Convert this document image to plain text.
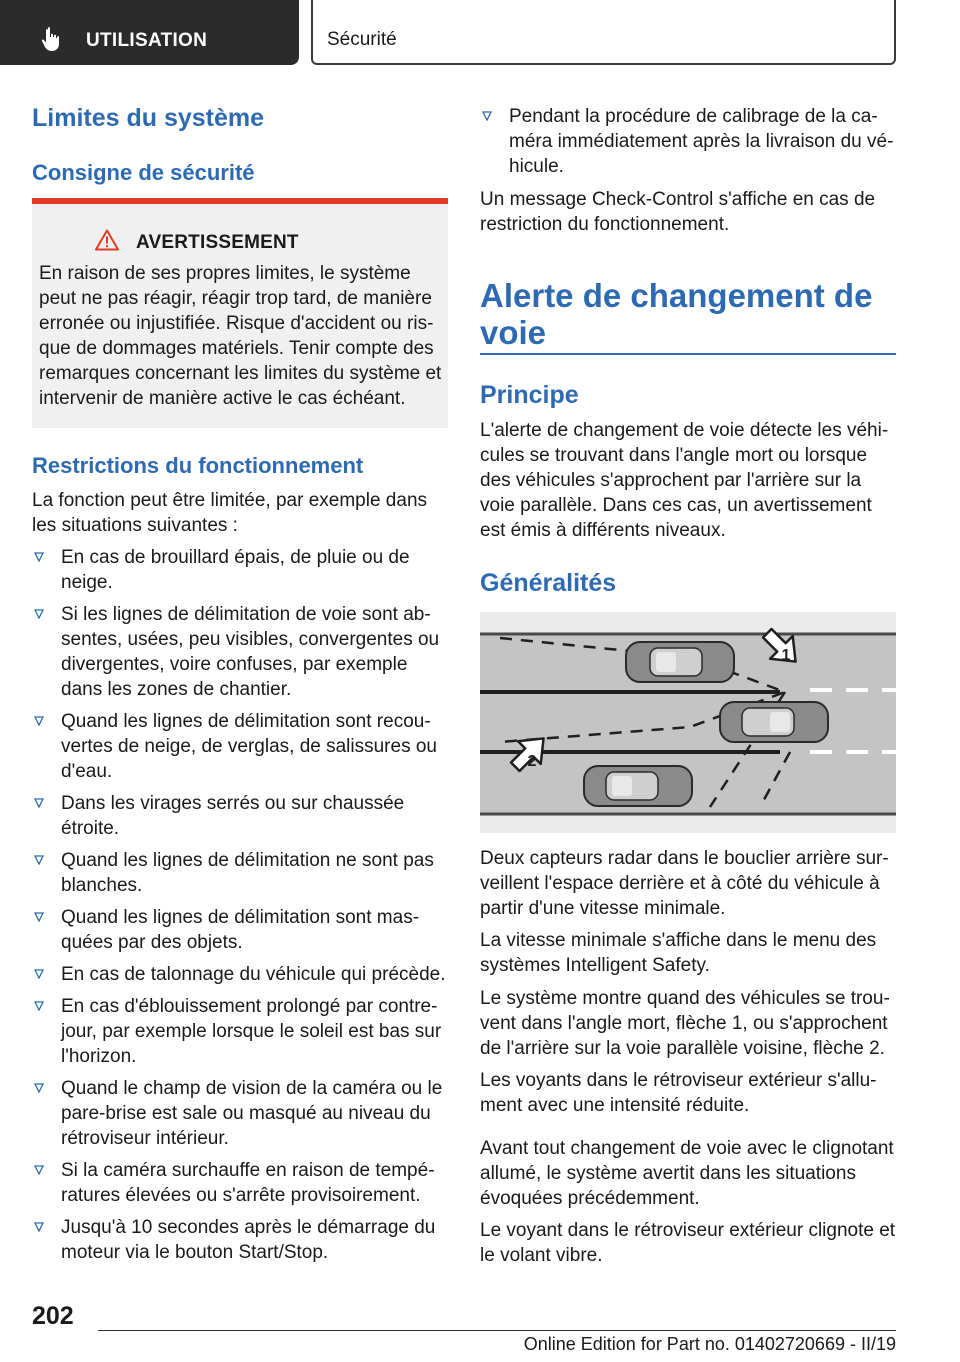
UTILISATION	Sécurité
Limites du système
Consigne de sécurité
AVERTISSEMENT
En raison de ses propres limites, le système peut ne pas réagir, réagir trop tard, de manière erronée ou injustifiée. Risque d'accident ou risque de dommages matériels. Tenir compte des remarques concernant les limites du système et intervenir de manière active le cas échéant.
Restrictions du fonctionnement
La fonction peut être limitée, par exemple dans les situations suivantes :
En cas de brouillard épais, de pluie ou de neige.
Si les lignes de délimitation de voie sont absentes, usées, peu visibles, convergentes ou divergentes, voire confuses, par exemple dans les zones de chantier.
Quand les lignes de délimitation sont recouvertes de neige, de verglas, de salissures ou d'eau.
Dans les virages serrés ou sur chaussée étroite.
Quand les lignes de délimitation ne sont pas blanches.
Quand les lignes de délimitation sont masquées par des objets.
En cas de talonnage du véhicule qui précède.
En cas d'éblouissement prolongé par contre-jour, par exemple lorsque le soleil est bas sur l'horizon.
Quand le champ de vision de la caméra ou le pare-brise est sale ou masqué au niveau du rétroviseur intérieur.
Si la caméra surchauffe en raison de températures élevées ou s'arrête provisoirement.
Jusqu'à 10 secondes après le démarrage du moteur via le bouton Start/Stop.
Pendant la procédure de calibrage de la caméra immédiatement après la livraison du véhicule.
Un message Check-Control s'affiche en cas de restriction du fonctionnement.
Alerte de changement de voie
Principe
L'alerte de changement de voie détecte les véhicules se trouvant dans l'angle mort ou lorsque des véhicules s'approchent par l'arrière sur la voie parallèle. Dans ces cas, un avertissement est émis à différents niveaux.
Généralités
1
2
Deux capteurs radar dans le bouclier arrière surveillent l'espace derrière et à côté du véhicule à partir d'une vitesse minimale.
La vitesse minimale s'affiche dans le menu des systèmes Intelligent Safety.
Le système montre quand des véhicules se trouvent dans l'angle mort, flèche 1, ou s'approchent de l'arrière sur la voie parallèle voisine, flèche 2.
Les voyants dans le rétroviseur extérieur s'allument avec une intensité réduite.
Avant tout changement de voie avec le clignotant allumé, le système avertit dans les situations évoquées précédemment.
Le voyant dans le rétroviseur extérieur clignote et le volant vibre.
202
Online Edition for Part no. 01402720669 - II/19
